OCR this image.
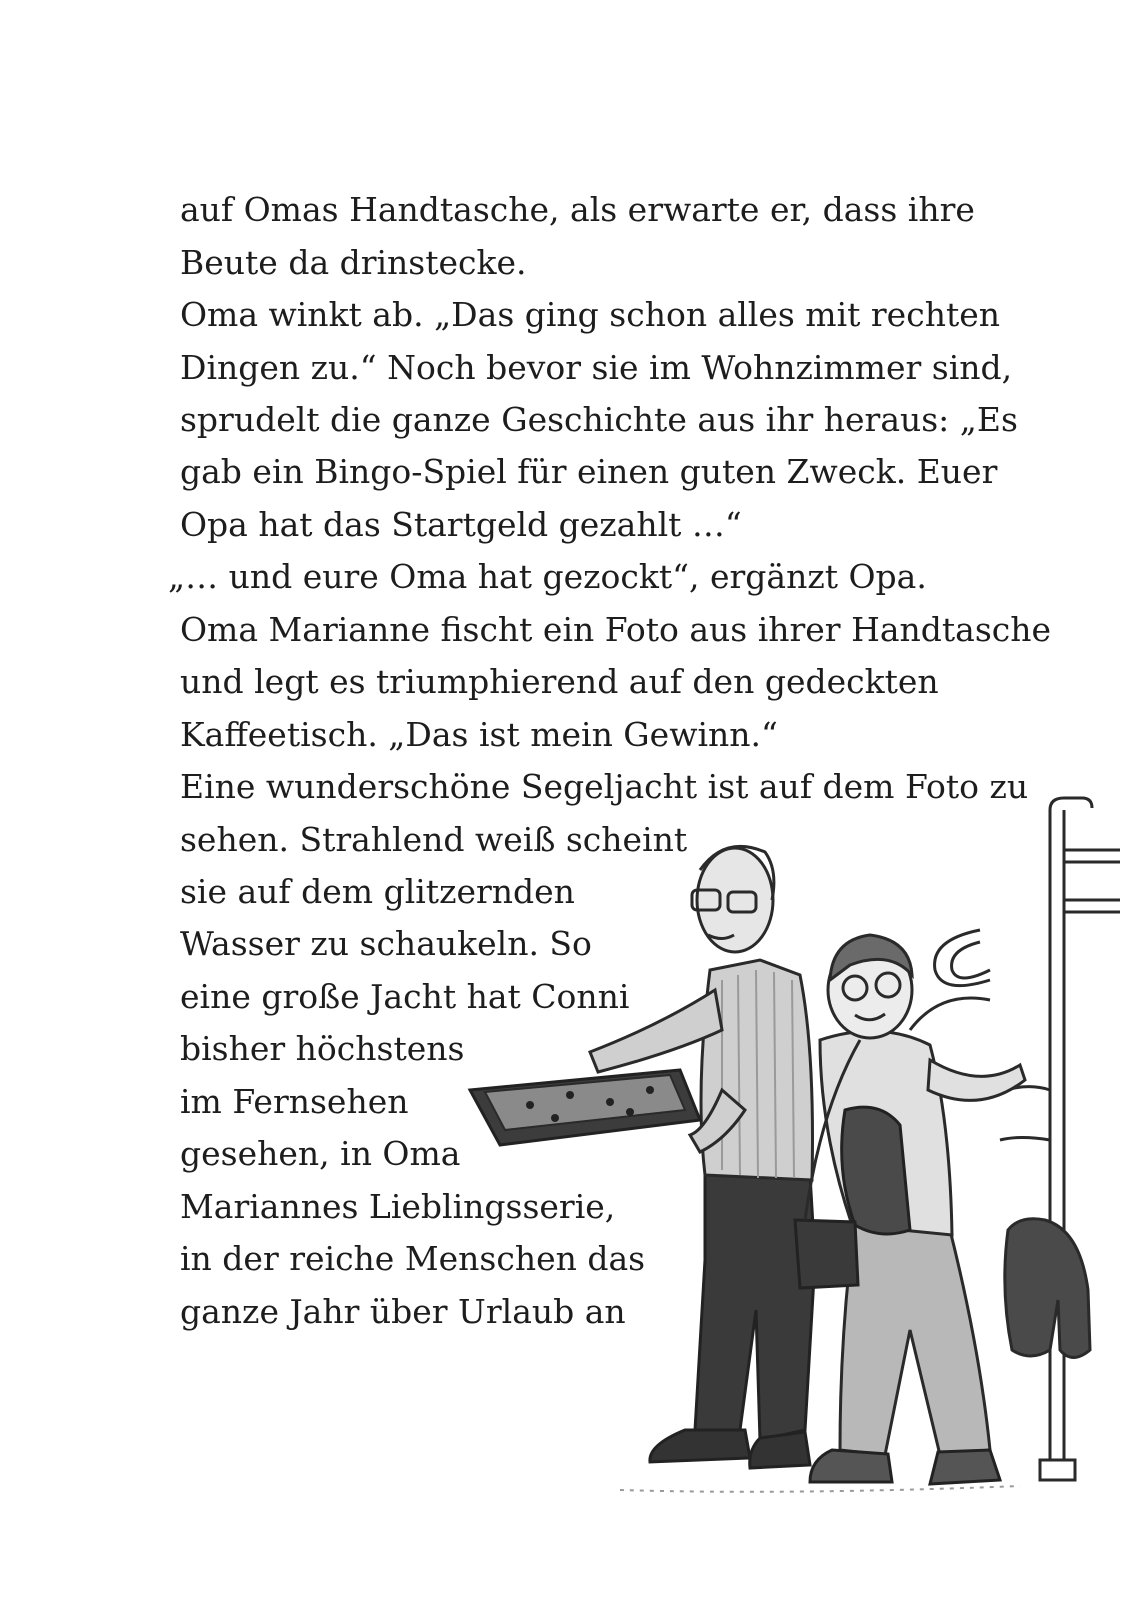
auf Omas Handtasche, als erwarte er, dass ihre
Beute da drinstecke.
Oma winkt ab. „Das ging schon alles mit rechten
Dingen zu.“ Noch bevor sie im Wohnzimmer sind,
sprudelt die ganze Geschichte aus ihr heraus: „Es
gab ein Bingo-Spiel für einen guten Zweck. Euer
Opa hat das Startgeld gezahlt …“
„… und eure Oma hat gezockt“, ergänzt Opa.
Oma Marianne fischt ein Foto aus ihrer Handtasche
und legt es triumphierend auf den gedeckten
Kaffeetisch. „Das ist mein Gewinn.“
Eine wunderschöne Segeljacht ist auf dem Foto zu
sehen. Strahlend weiß scheint
sie auf dem glitzernden
Wasser zu schaukeln. So
eine große Jacht hat Conni
bisher höchstens
im Fernsehen
gesehen, in Oma
Mariannes Lieblingsserie,
in der reiche Menschen das
ganze Jahr über Urlaub an
